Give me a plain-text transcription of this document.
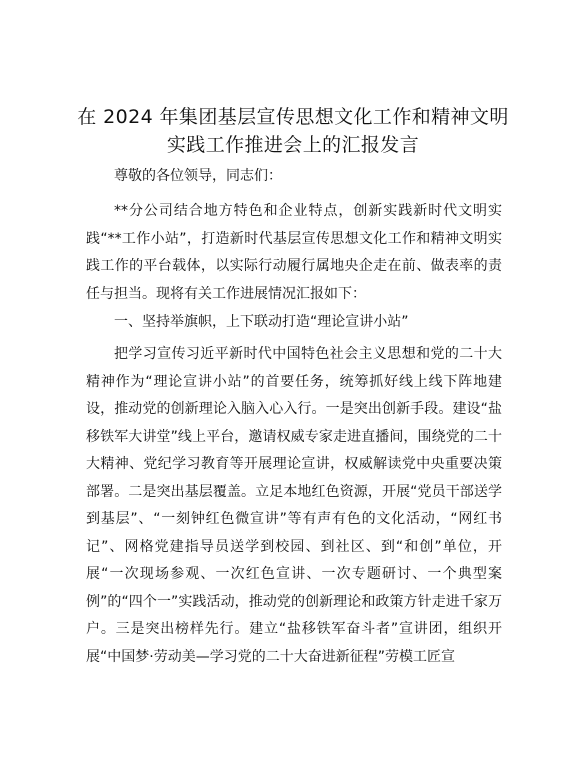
在 2024 年集团基层宣传思想文化工作和精神文明实践工作推进会上的汇报发言

尊敬的各位领导，同志们：

**分公司结合地方特色和企业特点，创新实践新时代文明实践“**工作小站”，打造新时代基层宣传思想文化工作和精神文明实践工作的平台载体，以实际行动履行属地央企走在前、做表率的责任与担当。现将有关工作进展情况汇报如下：

一、坚持举旗帜，上下联动打造“理论宣讲小站”

把学习宣传习近平新时代中国特色社会主义思想和党的二十大精神作为“理论宣讲小站”的首要任务，统筹抓好线上线下阵地建设，推动党的创新理论入脑入心入行。一是突出创新手段。建设“盐移铁军大讲堂”线上平台，邀请权威专家走进直播间，围绕党的二十大精神、党纪学习教育等开展理论宣讲，权威解读党中央重要决策部署。二是突出基层覆盖。立足本地红色资源，开展“党员干部送学到基层”、“一刻钟红色微宣讲”等有声有色的文化活动，“网红书记”、网格党建指导员送学到校园、到社区、到“和创”单位，开展“一次现场参观、一次红色宣讲、一次专题研讨、一个典型案例”的“四个一”实践活动，推动党的创新理论和政策方针走进千家万户。三是突出榜样先行。建立“盐移铁军奋斗者”宣讲团，组织开展“中国梦·劳动美—学习党的二十大奋进新征程”劳模工匠宣
